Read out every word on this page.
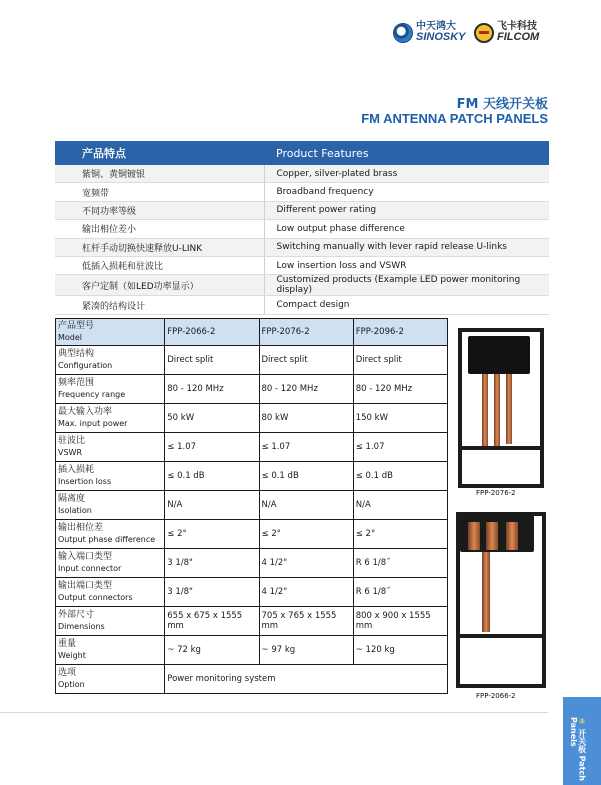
中天鸿大
SINOSKY
飞卡科技
FILCOM
FM 天线开关板
FM ANTENNA PATCH PANELS
产品特点	Product Features
紫铜、黄铜镀银	Copper, silver-plated brass
宽频带	Broadband frequency
不同功率等级	Different power rating
输出相位差小	Low output phase difference
杠杆手动切换快速释放U-LINK	Switching manually with lever rapid release U-links
低插入损耗和驻波比	Low insertion loss and VSWR
客户定制（如LED功率显示）	Customized products (Example LED power monitoring display)
紧凑的结构设计	Compact design
产品型号
Model	FPP-2066-2	FPP-2076-2	FPP-2096-2

典型结构
Configuration	Direct split	Direct split	Direct split

频率范围
Frequency range	80 - 120 MHz	80 - 120 MHz	80 - 120 MHz

最大输入功率
Max. input power	50 kW	80 kW	150 kW

驻波比
VSWR	≤ 1.07	≤ 1.07	≤ 1.07

插入损耗
Insertion loss	≤ 0.1 dB	≤ 0.1 dB	≤ 0.1 dB

隔离度
Isolation	N/A	N/A	N/A

输出相位差
Output phase difference	≤ 2°	≤ 2°	≤ 2°

输入端口类型
Input connector	3 1/8"	4 1/2"	R 6 1/8˝

输出端口类型
Output connectors	3 1/8"	4 1/2"	R 6 1/8˝

外部尺寸
Dimensions	655 x 675 x 1555 mm	705 x 765 x 1555 mm	800 x 900 x 1555 mm

重量
Weight	~ 72 kg	~ 97 kg	~ 120 kg

选项
Option	Power monitoring system		
FPP-2076-2
FPP-2066-2
⑤ 开关板 Patch Panels
